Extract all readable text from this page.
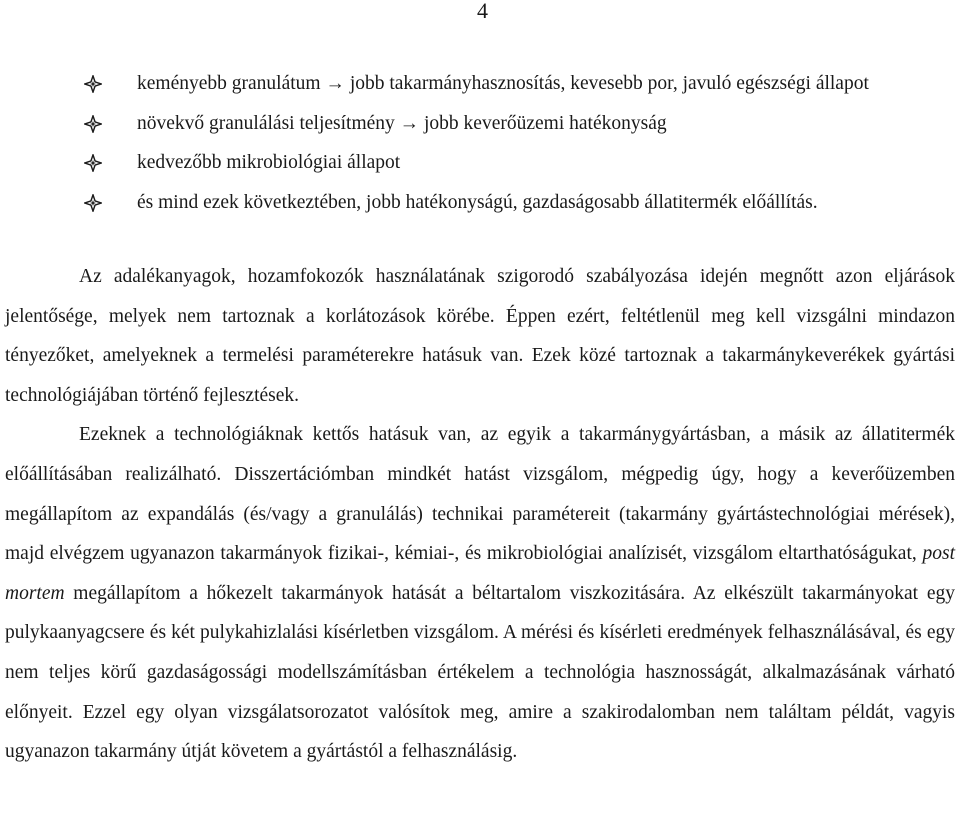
4
keményebb granulátum → jobb takarmányhasznosítás, kevesebb por, javuló egészségi állapot
növekvő granulálási teljesítmény → jobb keverőüzemi hatékonyság
kedvezőbb mikrobiológiai állapot
és mind ezek következtében, jobb hatékonyságú, gazdaságosabb állatitermék előállítás.

Az adalékanyagok, hozamfokozók használatának szigorodó szabályozása idején megnőtt azon eljárások jelentősége, melyek nem tartoznak a korlátozások körébe. Éppen ezért, feltétlenül meg kell vizsgálni mindazon tényezőket, amelyeknek a termelési paraméterekre hatásuk van. Ezek közé tartoznak a takarmánykeverékek gyártási technológiájában történő fejlesztések.

Ezeknek a technológiáknak kettős hatásuk van, az egyik a takarmánygyártásban, a másik az állatitermék előállításában realizálható. Disszertációmban mindkét hatást vizsgálom, mégpedig úgy, hogy a keverőüzemben megállapítom az expandálás (és/vagy a granulálás) technikai paramétereit (takarmány gyártástechnológiai mérések), majd elvégzem ugyanazon takarmányok fizikai-, kémiai-, és mikrobiológiai analízisét, vizsgálom eltarthatóságukat, post mortem megállapítom a hőkezelt takarmányok hatását a béltartalom viszkozitására. Az elkészült takarmányokat egy pulykaanyagcsere és két pulykahizlalási kísérletben vizsgálom. A mérési és kísérleti eredmények felhasználásával, és egy nem teljes körű gazdaságossági modellszámításban értékelem a technológia hasznosságát, alkalmazásának várható előnyeit. Ezzel egy olyan vizsgálatsorozatot valósítok meg, amire a szakirodalomban nem találtam példát, vagyis ugyanazon takarmány útját követem a gyártástól a felhasználásig.
